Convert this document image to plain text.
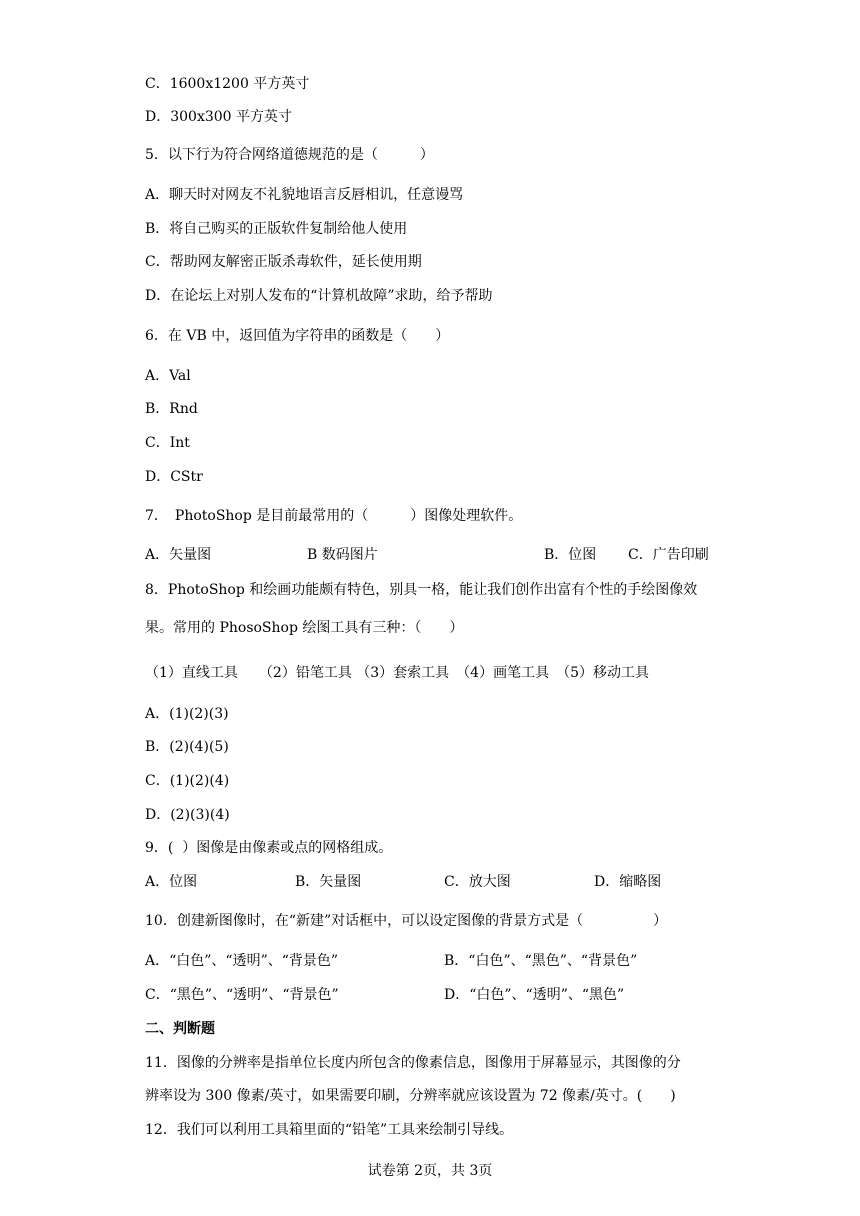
C．1600x1200 平方英寸
D．300x300 平方英寸
5．以下行为符合网络道德规范的是（　　　）
A．聊天时对网友不礼貌地语言反唇相讥，任意谩骂
B．将自己购买的正版软件复制给他人使用
C．帮助网友解密正版杀毒软件，延长使用期
D．在论坛上对别人发布的“计算机故障”求助，给予帮助
6．在 VB 中，返回值为字符串的函数是（　　）
A．Val
B．Rnd
C．Int
D．CStr
7．　PhotoShop 是目前最常用的（　　　）图像处理软件。
A．矢量图	B 数码图片	B．位图 C．广告印刷
8．PhotoShop 和绘画功能颇有特色，别具一格，能让我们创作出富有个性的手绘图像效
果。常用的 PhosoShop 绘图工具有三种：（　　）
（1）直线工具　　（2）铅笔工具 （3）套索工具　（4）画笔工具　（5）移动工具
A．(1)(2)(3)
B．(2)(4)(5)
C．(1)(2)(4)
D．(2)(3)(4)
9．(  ）图像是由像素或点的网格组成。
A．位图	B．矢量图	C．放大图	D．缩略图
10．创建新图像时，在“新建”对话框中，可以设定图像的背景方式是（　　　　　）
A．“白色”、“透明”、“背景色”	B．“白色”、“黑色”、“背景色”
C．“黑色”、“透明”、“背景色”	D．“白色”、“透明”、“黑色”
二、判断题
11．图像的分辨率是指单位长度内所包含的像素信息，图像用于屏幕显示，其图像的分
辨率设为 300 像素/英寸，如果需要印刷，分辨率就应该设置为 72 像素/英寸。(　　)
12．我们可以利用工具箱里面的“铅笔”工具来绘制引导线。
试卷第 2页，共 3页
